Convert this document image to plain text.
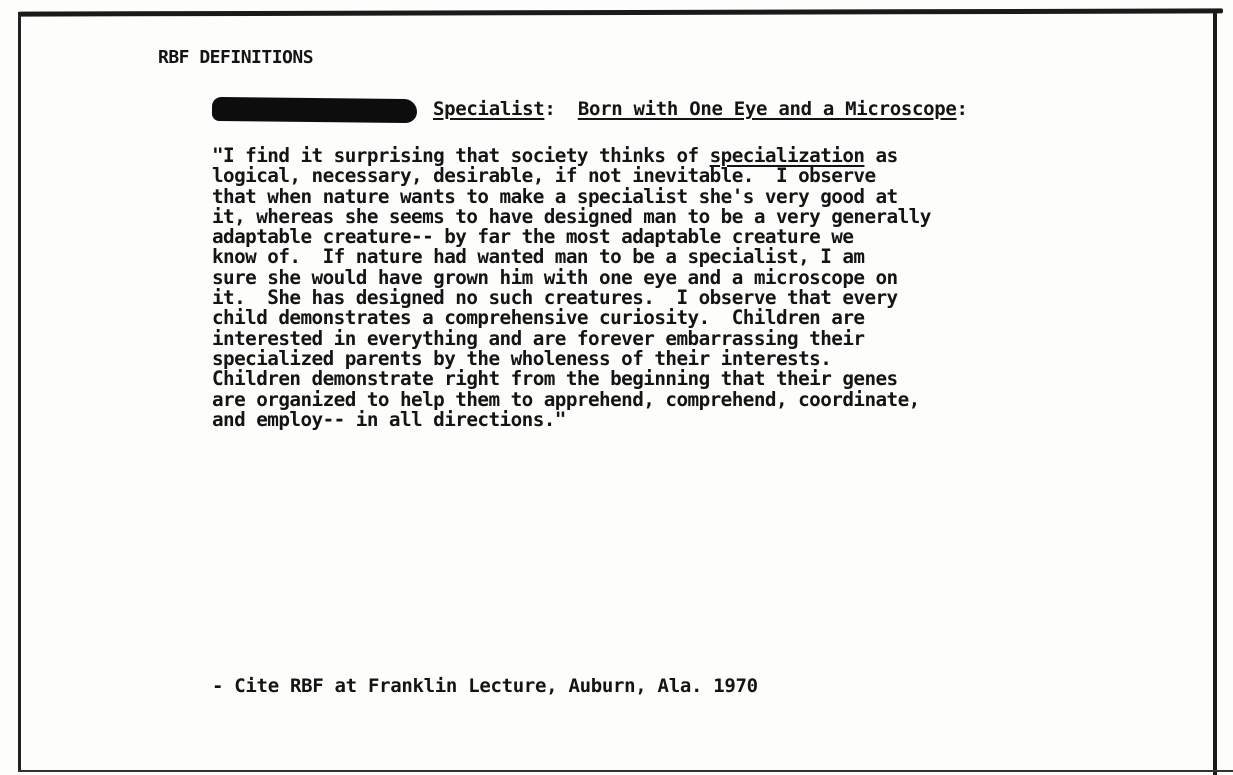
RBF DEFINITIONS
Specialist: Born with One Eye and a Microscope:
"I find it surprising that society thinks of specialization as
logical, necessary, desirable, if not inevitable.  I observe
that when nature wants to make a specialist she's very good at
it, whereas she seems to have designed man to be a very generally
adaptable creature-- by far the most adaptable creature we
know of.  If nature had wanted man to be a specialist, I am
sure she would have grown him with one eye and a microscope on
it.  She has designed no such creatures.  I observe that every
child demonstrates a comprehensive curiosity.  Children are
interested in everything and are forever embarrassing their
specialized parents by the wholeness of their interests.
Children demonstrate right from the beginning that their genes
are organized to help them to apprehend, comprehend, coordinate,
and employ-- in all directions."
- Cite RBF at Franklin Lecture, Auburn, Ala. 1970
